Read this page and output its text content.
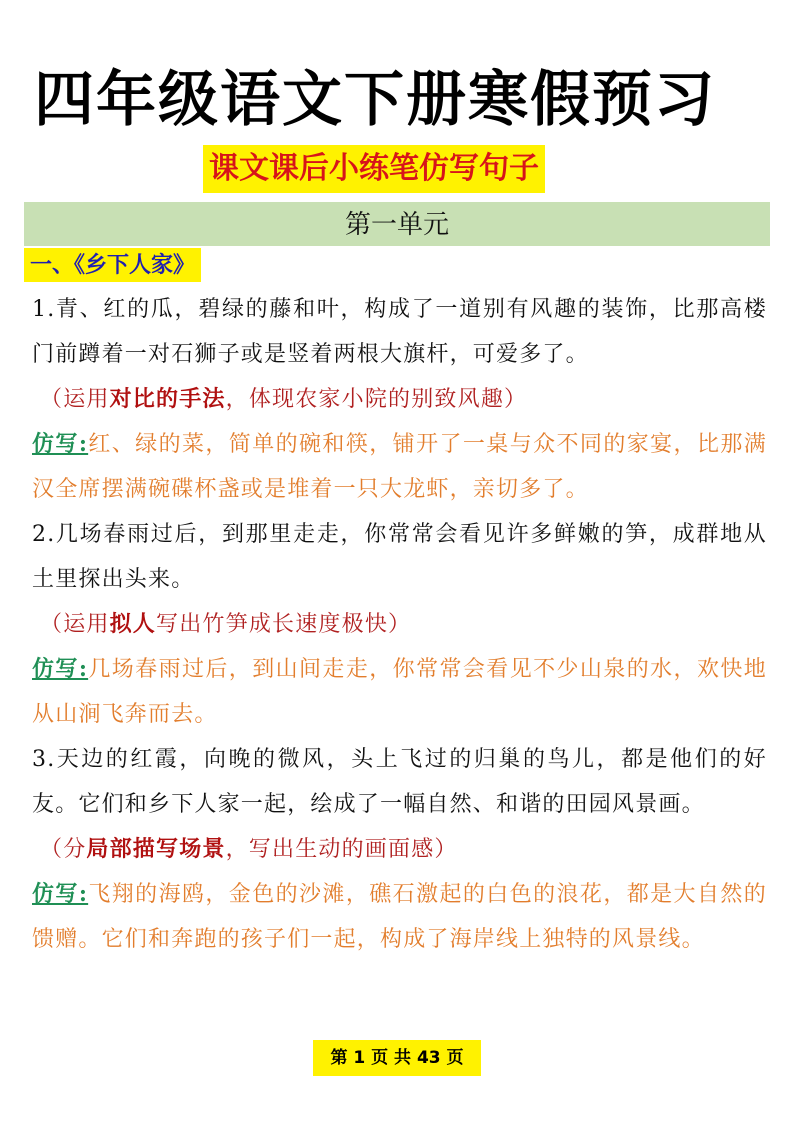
四年级语文下册寒假预习
课文课后小练笔仿写句子
第一单元
一、《乡下人家》
1.青、红的瓜，碧绿的藤和叶，构成了一道别有风趣的装饰，比那高楼门前蹲着一对石狮子或是竖着两根大旗杆，可爱多了。
（运用对比的手法，体现农家小院的别致风趣）
仿写:红、绿的菜，简单的碗和筷，铺开了一桌与众不同的家宴，比那满汉全席摆满碗碟杯盏或是堆着一只大龙虾，亲切多了。
2.几场春雨过后，到那里走走，你常常会看见许多鲜嫩的笋，成群地从土里探出头来。
（运用拟人写出竹笋成长速度极快）
仿写:几场春雨过后，到山间走走，你常常会看见不少山泉的水，欢快地从山涧飞奔而去。
3.天边的红霞，向晚的微风，头上飞过的归巢的鸟儿，都是他们的好友。它们和乡下人家一起，绘成了一幅自然、和谐的田园风景画。
（分局部描写场景，写出生动的画面感）
仿写:飞翔的海鸥，金色的沙滩，礁石激起的白色的浪花，都是大自然的馈赠。它们和奔跑的孩子们一起，构成了海岸线上独特的风景线。
第 1 页 共 43 页
